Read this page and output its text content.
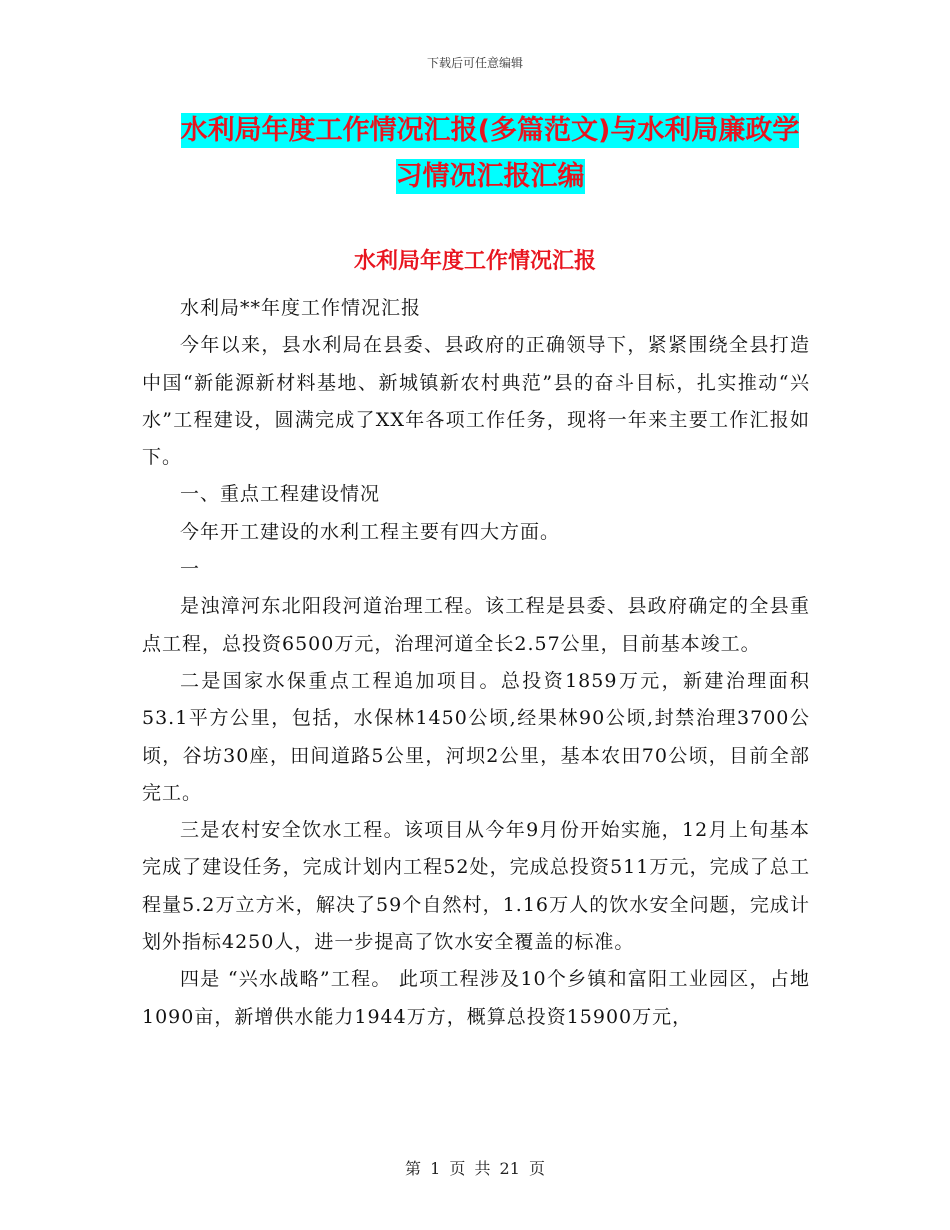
下载后可任意编辑
水利局年度工作情况汇报(多篇范文)与水利局廉政学
习情况汇报汇编
水利局年度工作情况汇报

水利局**年度工作情况汇报

今年以来，县水利局在县委、县政府的正确领导下，紧紧围绕全县打造中国“新能源新材料基地、新城镇新农村典范”县的奋斗目标，扎实推动“兴水”工程建设，圆满完成了XX年各项工作任务，现将一年来主要工作汇报如下。

一、重点工程建设情况

今年开工建设的水利工程主要有四大方面。

一

是浊漳河东北阳段河道治理工程。该工程是县委、县政府确定的全县重点工程，总投资6500万元，治理河道全长2.57公里，目前基本竣工。

二是国家水保重点工程追加项目。总投资1859万元，新建治理面积53.1平方公里，包括，水保林1450公顷,经果林90公顷,封禁治理3700公顷，谷坊30座，田间道路5公里，河坝2公里，基本农田70公顷，目前全部完工。

三是农村安全饮水工程。该项目从今年9月份开始实施，12月上旬基本完成了建设任务，完成计划内工程52处，完成总投资511万元，完成了总工程量5.2万立方米，解决了59个自然村，1.16万人的饮水安全问题，完成计划外指标4250人，进一步提高了饮水安全覆盖的标准。

四是 “兴水战略”工程。 此项工程涉及10个乡镇和富阳工业园区，占地1090亩，新增供水能力1944万方，概算总投资15900万元，

第 1 页 共 21 页
